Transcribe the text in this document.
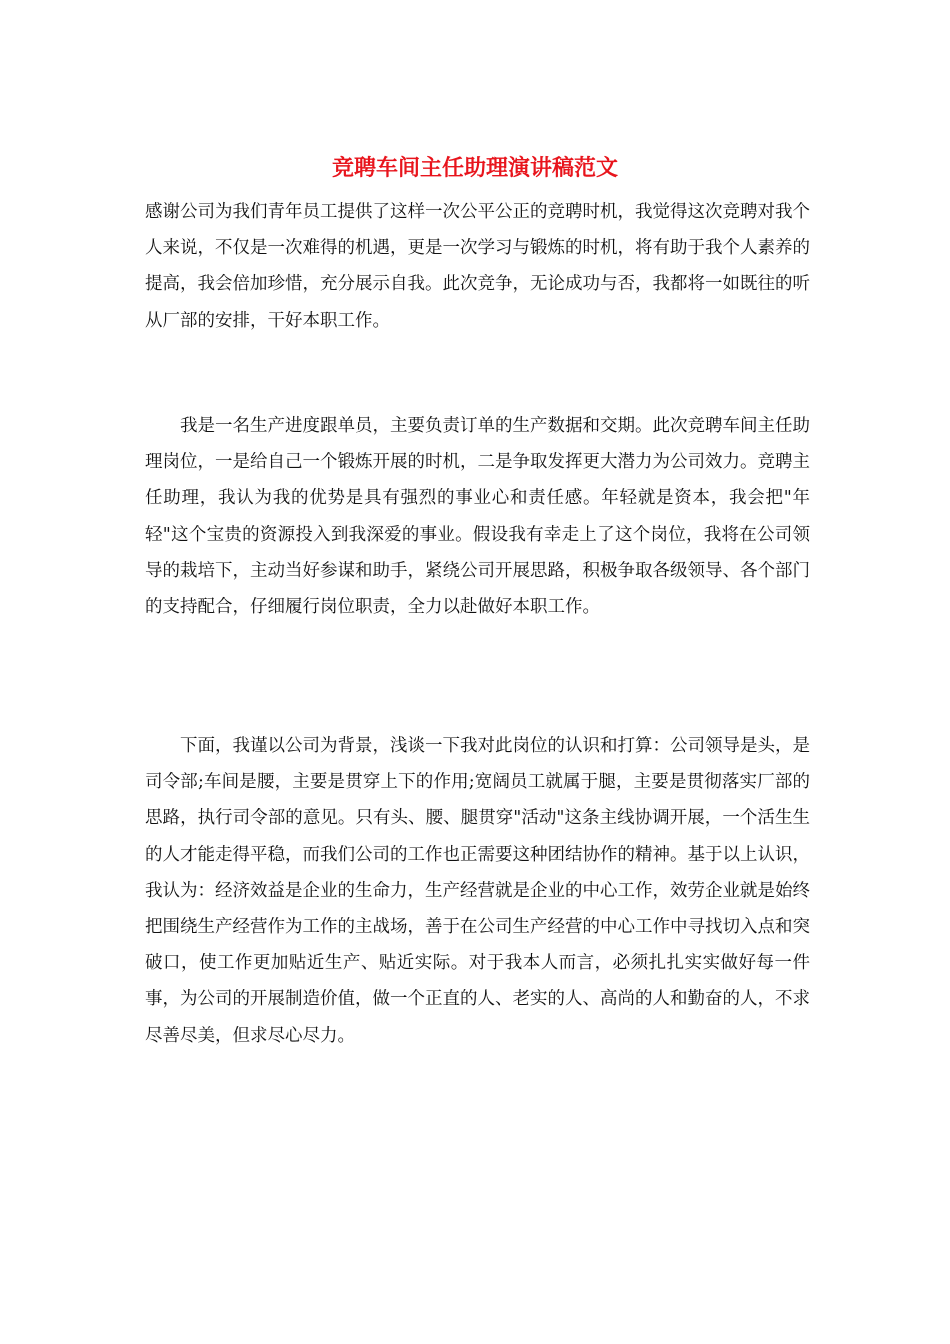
竞聘车间主任助理演讲稿范文

感谢公司为我们青年员工提供了这样一次公平公正的竞聘时机，我觉得这次竞聘对我个人来说，不仅是一次难得的机遇，更是一次学习与锻炼的时机，将有助于我个人素养的提高，我会倍加珍惜，充分展示自我。此次竞争，无论成功与否，我都将一如既往的听从厂部的安排，干好本职工作。

我是一名生产进度跟单员，主要负责订单的生产数据和交期。此次竞聘车间主任助理岗位，一是给自己一个锻炼开展的时机，二是争取发挥更大潜力为公司效力。竞聘主任助理，我认为我的优势是具有强烈的事业心和责任感。年轻就是资本，我会把"年轻"这个宝贵的资源投入到我深爱的事业。假设我有幸走上了这个岗位，我将在公司领导的栽培下，主动当好参谋和助手，紧绕公司开展思路，积极争取各级领导、各个部门的支持配合，仔细履行岗位职责，全力以赴做好本职工作。

下面，我谨以公司为背景，浅谈一下我对此岗位的认识和打算：公司领导是头，是司令部;车间是腰，主要是贯穿上下的作用;宽阔员工就属于腿，主要是贯彻落实厂部的思路，执行司令部的意见。只有头、腰、腿贯穿"活动"这条主线协调开展，一个活生生的人才能走得平稳，而我们公司的工作也正需要这种团结协作的精神。基于以上认识，我认为：经济效益是企业的生命力，生产经营就是企业的中心工作，效劳企业就是始终把围绕生产经营作为工作的主战场，善于在公司生产经营的中心工作中寻找切入点和突破口，使工作更加贴近生产、贴近实际。对于我本人而言，必须扎扎实实做好每一件事，为公司的开展制造价值，做一个正直的人、老实的人、高尚的人和勤奋的人，不求尽善尽美，但求尽心尽力。
